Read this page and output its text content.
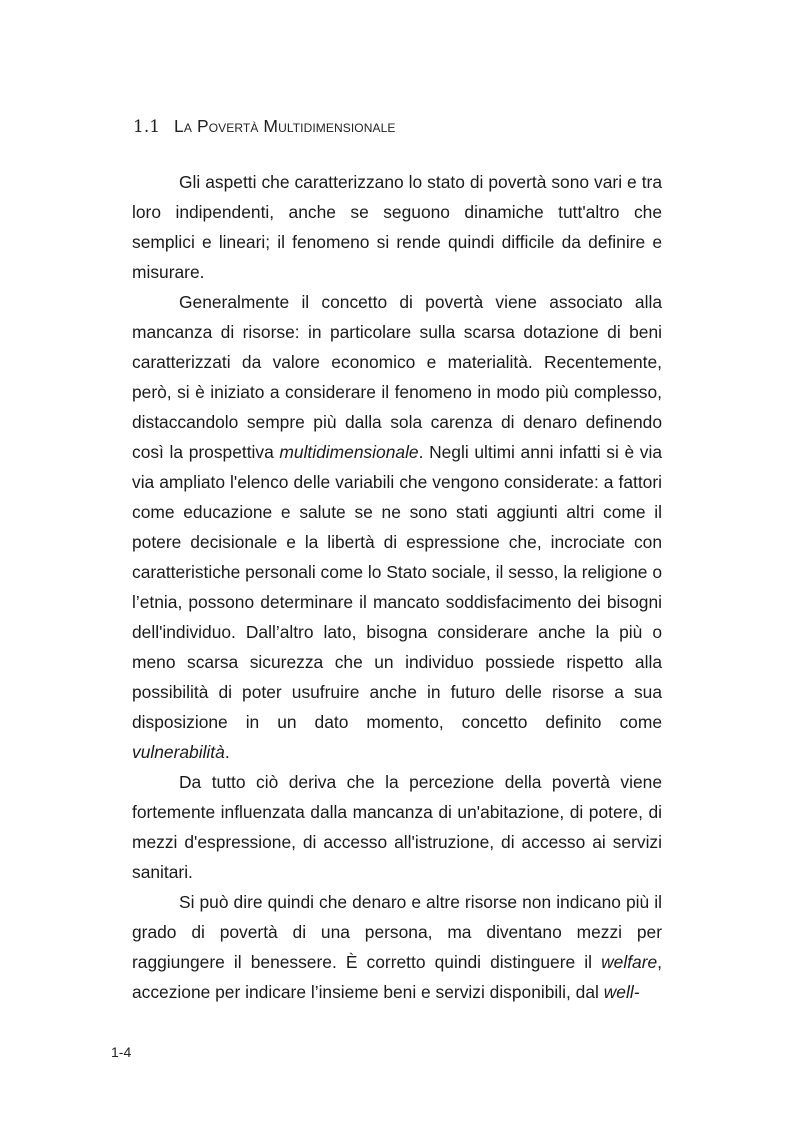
1.1 La Povertà Multidimensionale

Gli aspetti che caratterizzano lo stato di povertà sono vari e tra loro indipendenti, anche se seguono dinamiche tutt'altro che semplici e lineari; il fenomeno si rende quindi difficile da definire e misurare.

Generalmente il concetto di povertà viene associato alla mancanza di risorse: in particolare sulla scarsa dotazione di beni caratterizzati da valore economico e materialità. Recentemente, però, si è iniziato a considerare il fenomeno in modo più complesso, distaccandolo sempre più dalla sola carenza di denaro definendo così la prospettiva multidimensionale. Negli ultimi anni infatti si è via via ampliato l'elenco delle variabili che vengono considerate: a fattori come educazione e salute se ne sono stati aggiunti altri come il potere decisionale e la libertà di espressione che, incrociate con caratteristiche personali come lo Stato sociale, il sesso, la religione o l’etnia, possono determinare il mancato soddisfacimento dei bisogni dell'individuo. Dall’altro lato, bisogna considerare anche la più o meno scarsa sicurezza che un individuo possiede rispetto alla possibilità di poter usufruire anche in futuro delle risorse a sua disposizione in un dato momento, concetto definito come vulnerabilità.

Da tutto ciò deriva che la percezione della povertà viene fortemente influenzata dalla mancanza di un'abitazione, di potere, di mezzi d'espressione, di accesso all'istruzione, di accesso ai servizi sanitari.

Si può dire quindi che denaro e altre risorse non indicano più il grado di povertà di una persona, ma diventano mezzi per raggiungere il benessere. È corretto quindi distinguere il welfare, accezione per indicare l’insieme beni e servizi disponibili, dal well-

1-4
